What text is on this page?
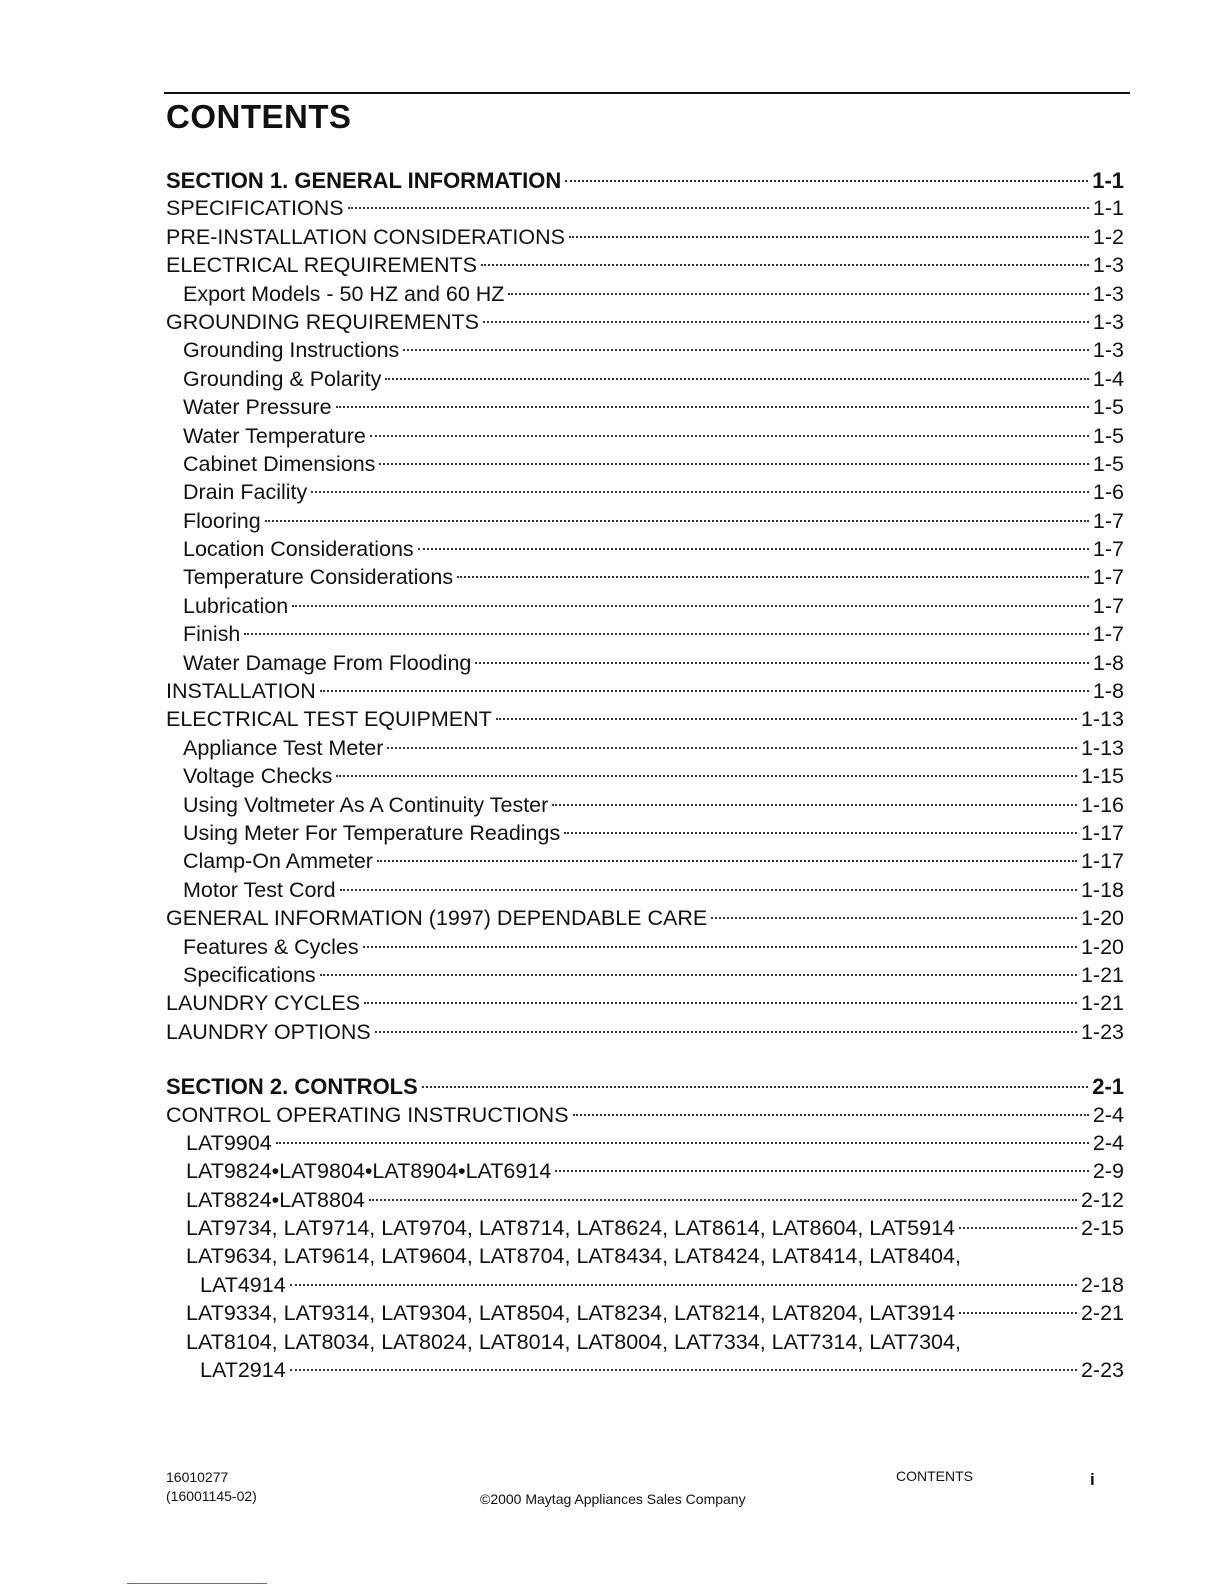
CONTENTS
SECTION 1. GENERAL INFORMATION	1-1
SPECIFICATIONS	1-1
PRE-INSTALLATION CONSIDERATIONS	1-2
ELECTRICAL REQUIREMENTS	1-3
Export Models - 50 HZ and 60 HZ	1-3
GROUNDING REQUIREMENTS	1-3
Grounding Instructions	1-3
Grounding & Polarity	1-4
Water Pressure	1-5
Water Temperature	1-5
Cabinet Dimensions	1-5
Drain Facility	1-6
Flooring	1-7
Location Considerations	1-7
Temperature Considerations	1-7
Lubrication	1-7
Finish	1-7
Water Damage From Flooding	1-8
INSTALLATION	1-8
ELECTRICAL TEST EQUIPMENT	1-13
Appliance Test Meter	1-13
Voltage Checks	1-15
Using Voltmeter As A Continuity Tester	1-16
Using Meter For Temperature Readings	1-17
Clamp-On Ammeter	1-17
Motor Test Cord	1-18
GENERAL INFORMATION (1997) DEPENDABLE CARE	1-20
Features & Cycles	1-20
Specifications	1-21
LAUNDRY CYCLES	1-21
LAUNDRY OPTIONS	1-23
SECTION 2. CONTROLS	2-1
CONTROL OPERATING INSTRUCTIONS	2-4
LAT9904	2-4
LAT9824•LAT9804•LAT8904•LAT6914	2-9
LAT8824•LAT8804	2-12
LAT9734, LAT9714, LAT9704, LAT8714, LAT8624, LAT8614, LAT8604, LAT5914	2-15
LAT9634, LAT9614, LAT9604, LAT8704, LAT8434, LAT8424, LAT8414, LAT8404,
LAT4914	2-18
LAT9334, LAT9314, LAT9304, LAT8504, LAT8234, LAT8214, LAT8204, LAT3914	2-21
LAT8104, LAT8034, LAT8024, LAT8014, LAT8004, LAT7334, LAT7314, LAT7304,
LAT2914	2-23
16010277
(16001145-02)	©2000 Maytag Appliances Sales Company
CONTENTS	i
